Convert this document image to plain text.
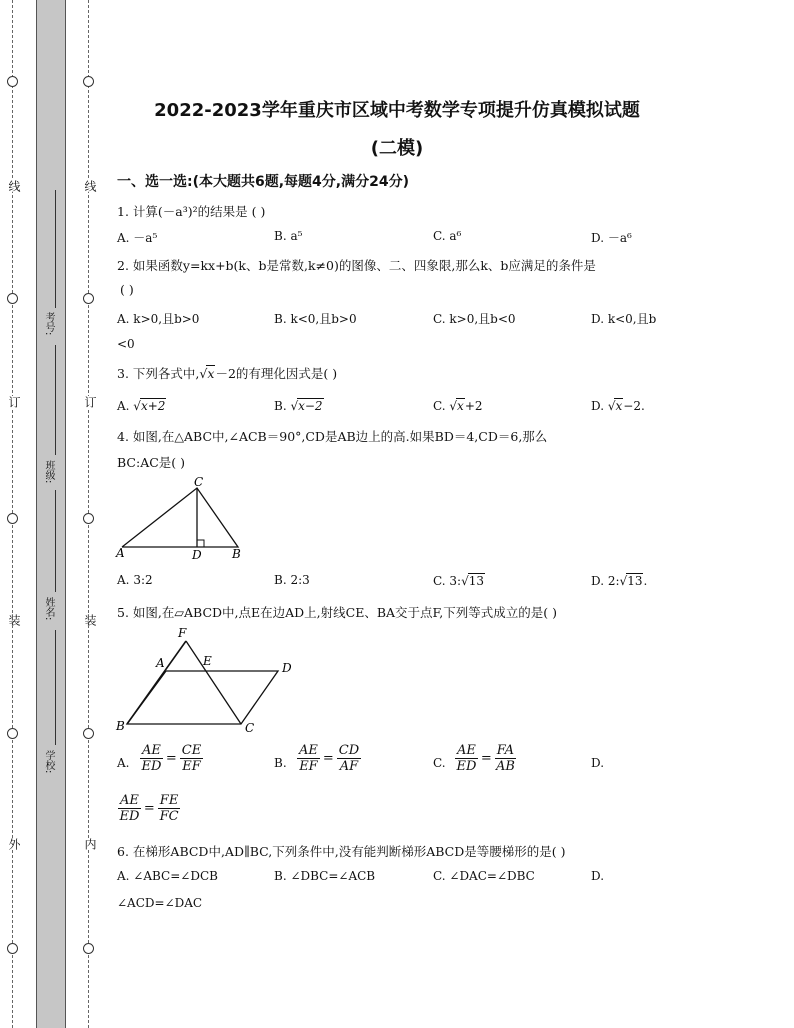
线
订
装
外
线
订
装
内
考号:
班级:
姓名:
学校:
2022-2023学年重庆市区域中考数学专项提升仿真模拟试题
(二模)
一、选一选:(本大题共6题,每题4分,满分24分)
1. 计算(－a³)²的结果是 ( )
A. －a⁵	B. a⁵	C. a⁶	D. －a⁶
2. 如果函数y=kx+b(k、b是常数,k≠0)的图像、二、四象限,那么k、b应满足的条件是
( )
A. k>0,且b>0	B. k<0,且b>0	C. k>0,且b<0	D. k<0,且b
<0
3. 下列各式中,√x－2的有理化因式是( )
A. √x+2	B. √x−2	C. √x+2	D. √x−2.
4. 如图,在△ABC中,∠ACB＝90°,CD是AB边上的高.如果BD＝4,CD＝6,那么
BC:AC是( )
C
A	D	B
A. 3:2	B. 2:3	C. 3:√13	D. 2:√13.
5. 如图,在▱ABCD中,点E在边AD上,射线CE、BA交于点F,下列等式成立的是( )
F
A	E	D
B	C
A. $\frac{AE}{ED} = \frac{CE}{EF}$	B. $\frac{AE}{EF} = \frac{CD}{AF}$	C. $\frac{AE}{ED} = \frac{FA}{AB}$	D.
$\frac{AE}{ED} = \frac{FE}{FC}$
6. 在梯形ABCD中,AD∥BC,下列条件中,没有能判断梯形ABCD是等腰梯形的是( )
A. ∠ABC=∠DCB	B. ∠DBC=∠ACB	C. ∠DAC=∠DBC	D.
∠ACD=∠DAC
